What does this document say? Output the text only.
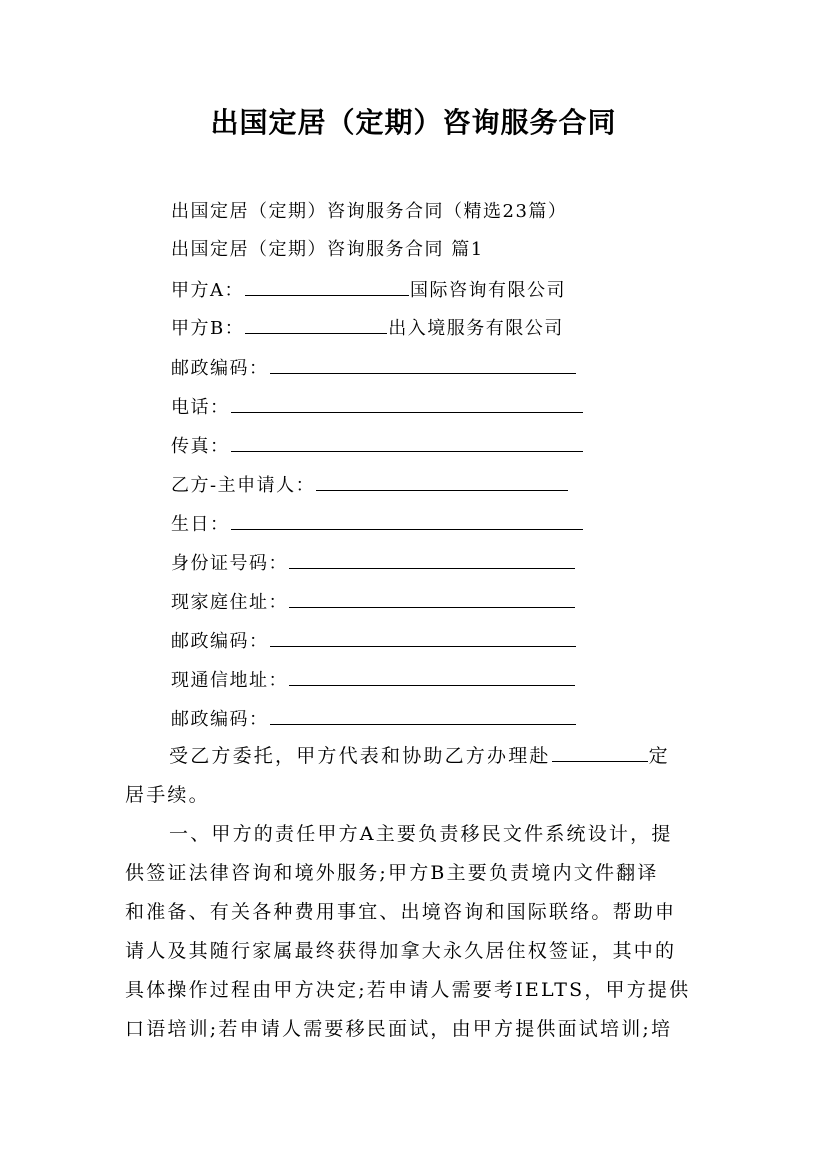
出国定居（定期）咨询服务合同
出国定居（定期）咨询服务合同（精选23篇）
出国定居（定期）咨询服务合同 篇1
甲方A：	国际咨询有限公司
甲方B：	出入境服务有限公司
邮政编码：
电话：
传真：
乙方-主申请人：
生日：
身份证号码：
现家庭住址：
邮政编码：
现通信地址：
邮政编码：
受乙方委托，甲方代表和协助乙方办理赴	定
居手续。
一、甲方的责任甲方A主要负责移民文件系统设计，提
供签证法律咨询和境外服务;甲方B主要负责境内文件翻译
和准备、有关各种费用事宜、出境咨询和国际联络。帮助申
请人及其随行家属最终获得加拿大永久居住权签证，其中的
具体操作过程由甲方决定;若申请人需要考IELTS，甲方提供
口语培训;若申请人需要移民面试，由甲方提供面试培训;培
